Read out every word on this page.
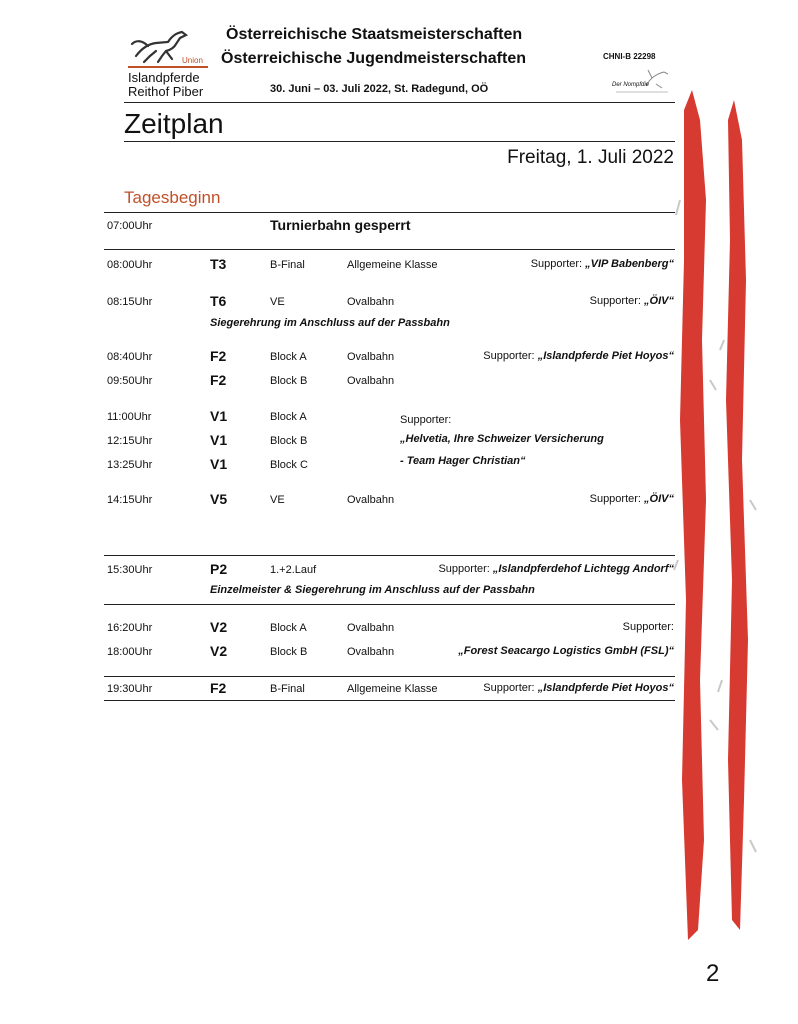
Union
Islandpferde
Reithof Piber
Österreichische Staatsmeisterschaften
Österreichische Jugendmeisterschaften
30. Juni – 03. Juli 2022, St. Radegund, OÖ
CHNI-B 22298
Der Nompfdie
Zeitplan
Freitag, 1. Juli 2022
Tagesbeginn
07:00Uhr	Turnierbahn gesperrt
08:00Uhr	T3	B-Final	Allgemeine Klasse	Supporter: „VIP Babenberg“
08:15Uhr	T6	VE	Ovalbahn	Supporter: „ÖIV“
Siegerehrung im Anschluss auf der Passbahn
08:40Uhr	F2	Block A	Ovalbahn	Supporter: „Islandpferde Piet Hoyos“
09:50Uhr	F2	Block B	Ovalbahn
11:00Uhr	V1	Block A
12:15Uhr	V1	Block B
13:25Uhr	V1	Block C
Supporter:
„Helvetia, Ihre Schweizer Versicherung
- Team Hager Christian“
14:15Uhr	V5	VE	Ovalbahn	Supporter: „ÖIV“
15:30Uhr	P2	1.+2.Lauf	Supporter: „Islandpferdehof Lichtegg Andorf“
Einzelmeister & Siegerehrung im Anschluss auf der Passbahn
16:20Uhr	V2	Block A	Ovalbahn	Supporter:
18:00Uhr	V2	Block B	Ovalbahn	„Forest Seacargo Logistics GmbH (FSL)“
19:30Uhr	F2	B-Final	Allgemeine Klasse	Supporter: „Islandpferde Piet Hoyos“
2
